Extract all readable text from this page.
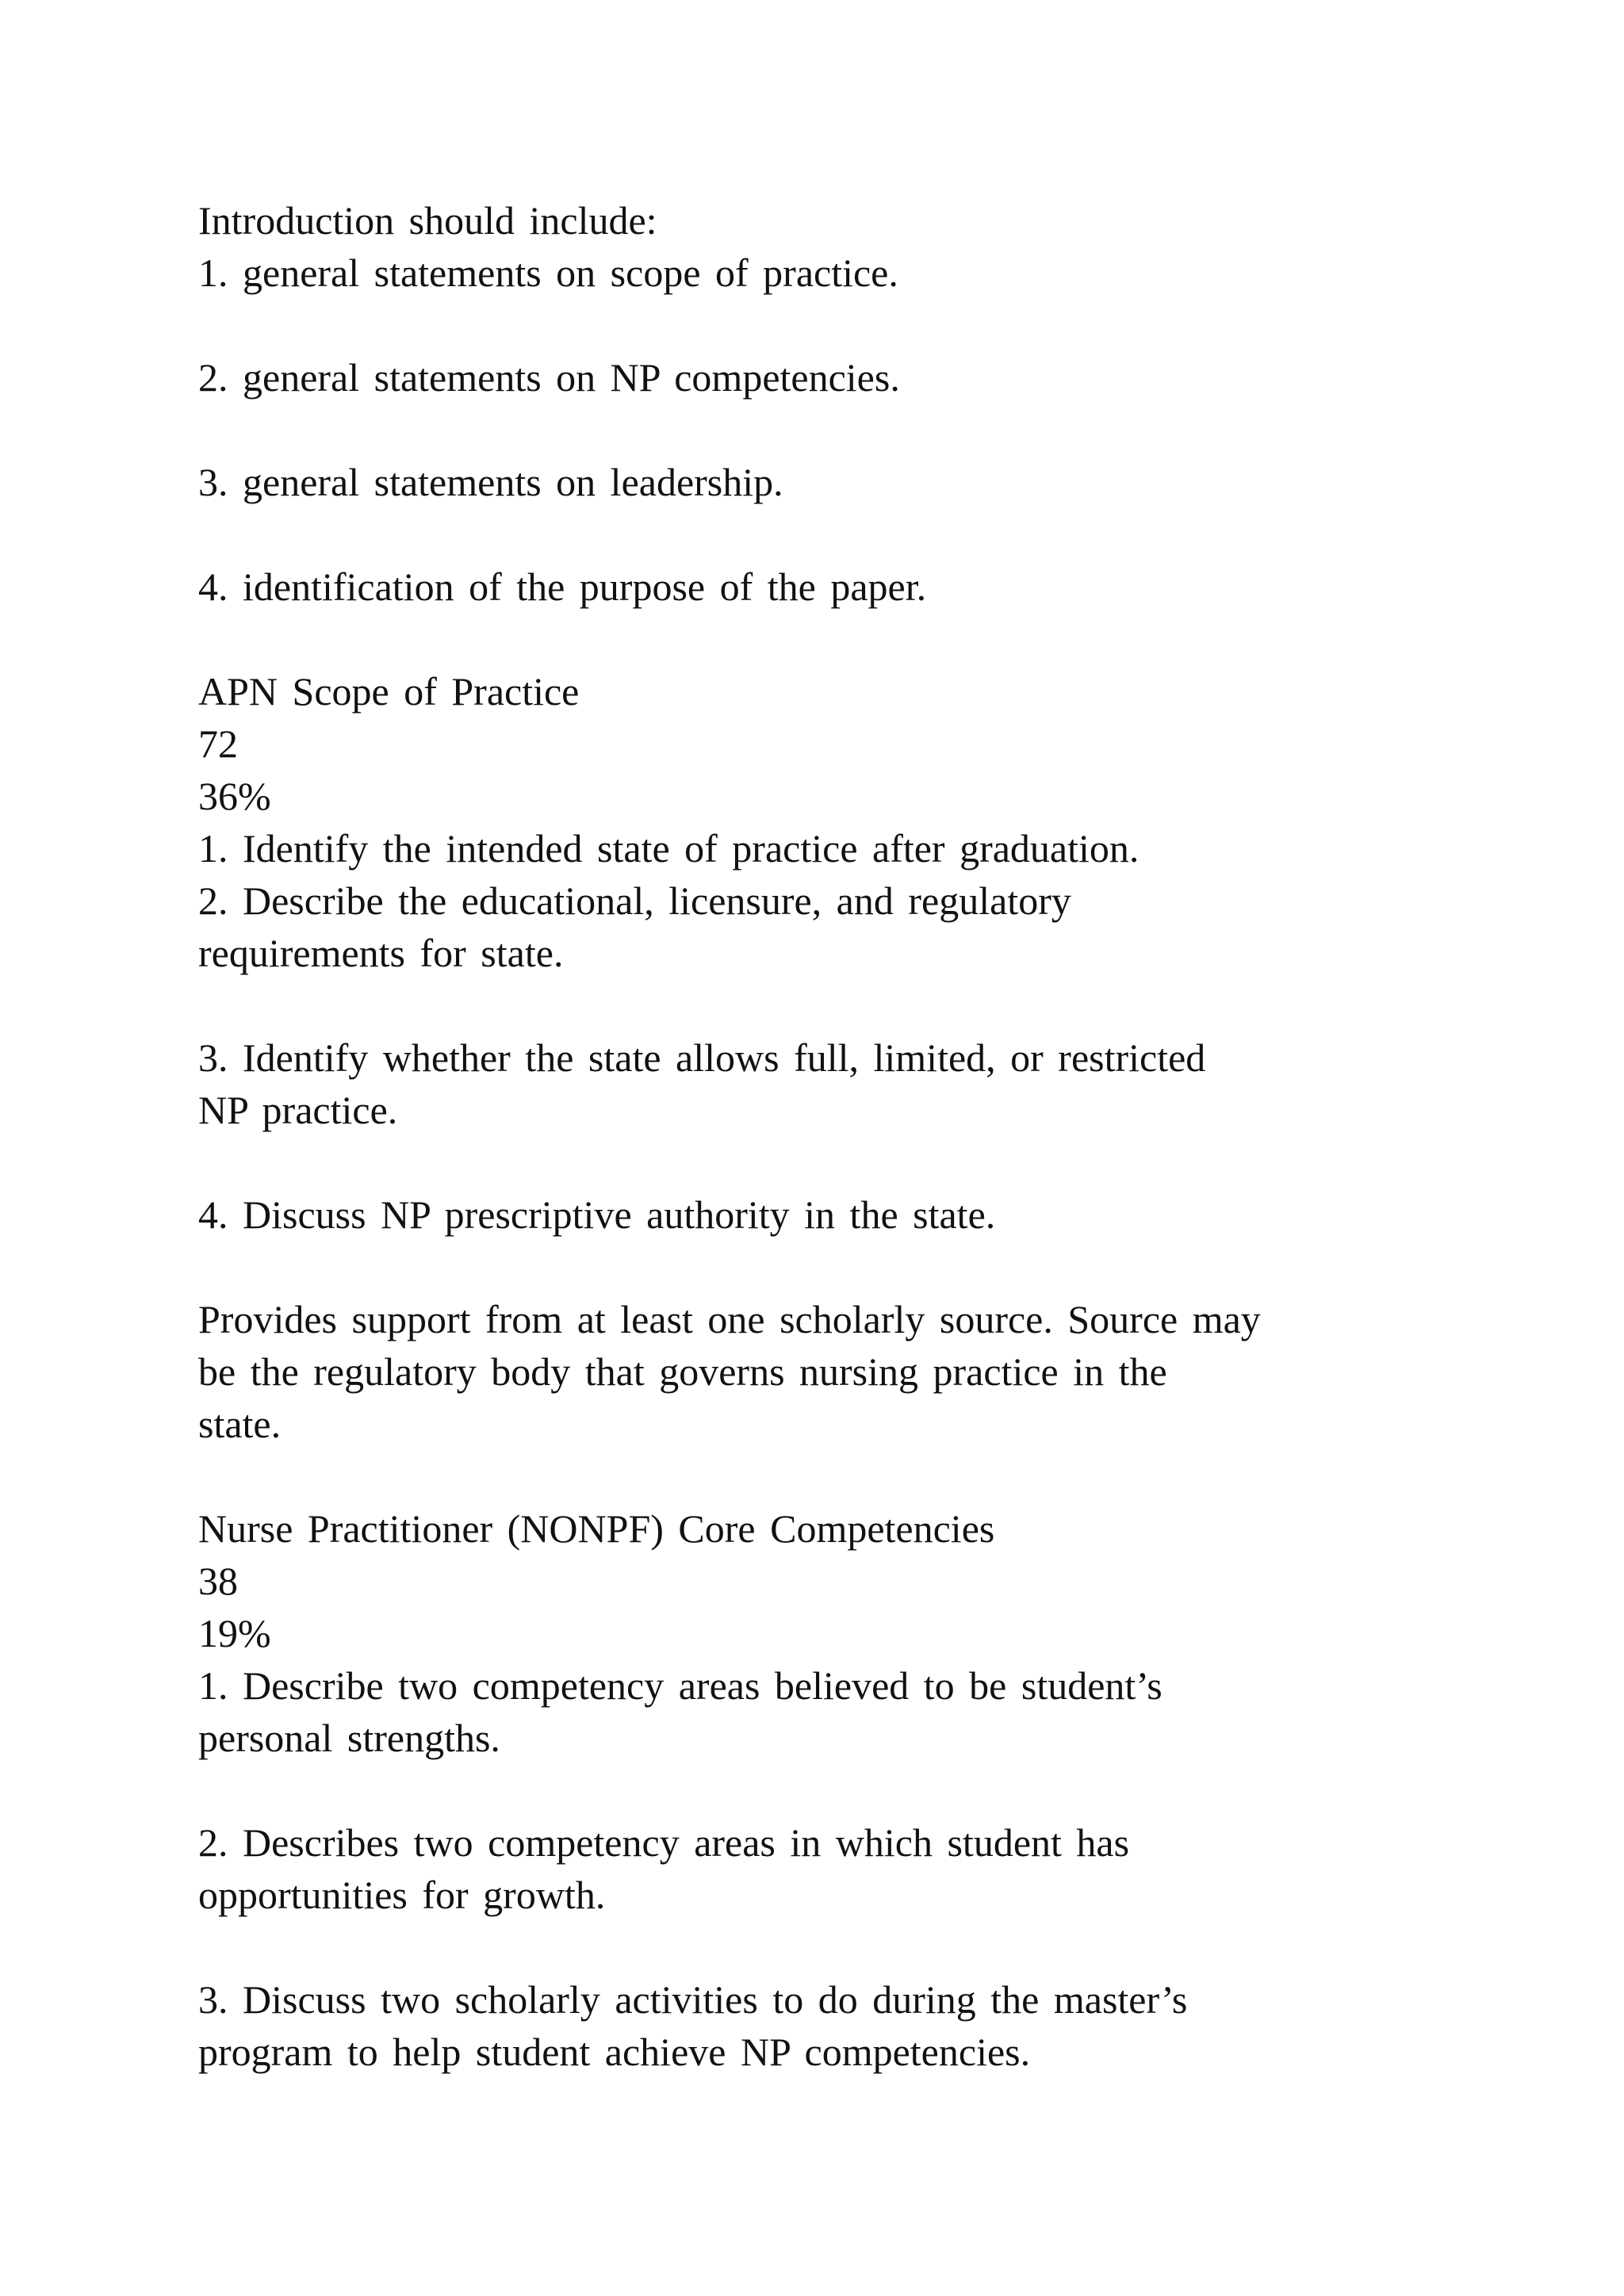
Introduction should include:
1. general statements on scope of practice.
2. general statements on NP competencies.
3. general statements on leadership.
4. identification of the purpose of the paper.
APN Scope of Practice
72
36%
1. Identify the intended state of practice after graduation.
2. Describe the educational, licensure, and regulatory
requirements for state.
3. Identify whether the state allows full, limited, or restricted
NP practice.
4. Discuss NP prescriptive authority in the state.
Provides support from at least one scholarly source. Source may
be the regulatory body that governs nursing practice in the
state.
Nurse Practitioner (NONPF) Core Competencies
38
19%
1. Describe two competency areas believed to be student’s
personal strengths.
2. Describes two competency areas in which student has
opportunities for growth.
3. Discuss two scholarly activities to do during the master’s
program to help student achieve NP competencies.
